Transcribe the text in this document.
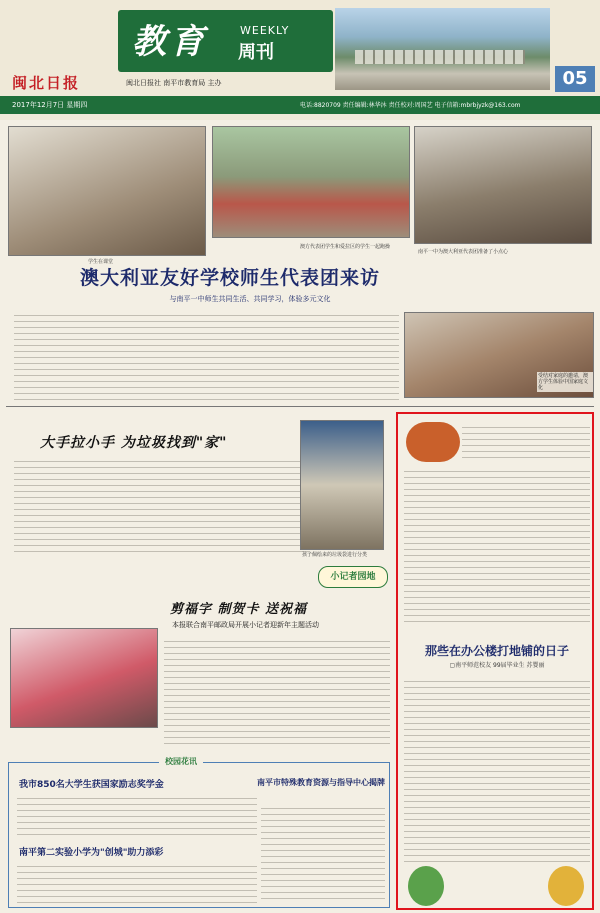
闽北日报
教育	WEEKLY
周刊
闽北日报社 南平市教育局 主办	05
2017年12月7日 星期四	电话:8820709 责任编辑:林华沐 责任校对:周国艺 电子信箱:mbrbjyzk@163.com
学生在课堂
澳方代表团学生和爱拉区的学生一起跑操
南平一中为澳大利亚代表团准备了小点心
澳大利亚友好学校师生代表团来访
与南平一中师生共同生活、共同学习，体验多元文化
受结对家庭的邀请，澳方学生体验中国家庭文化
大手拉小手 为垃圾找到"家"
孩子佩绘来的垃圾袋进行分类
小记者园地
剪福字 制贺卡 送祝福
本报联合南平邮政局开展小记者迎新年主题活动
校园花讯
我市850名大学生获国家励志奖学金
南平第二实验小学为"创城"助力添彩
南平市特殊教育资源与指导中心揭牌
那些在办公楼打地铺的日子
▢南平师范校友 99届毕业生 苏婴丽
